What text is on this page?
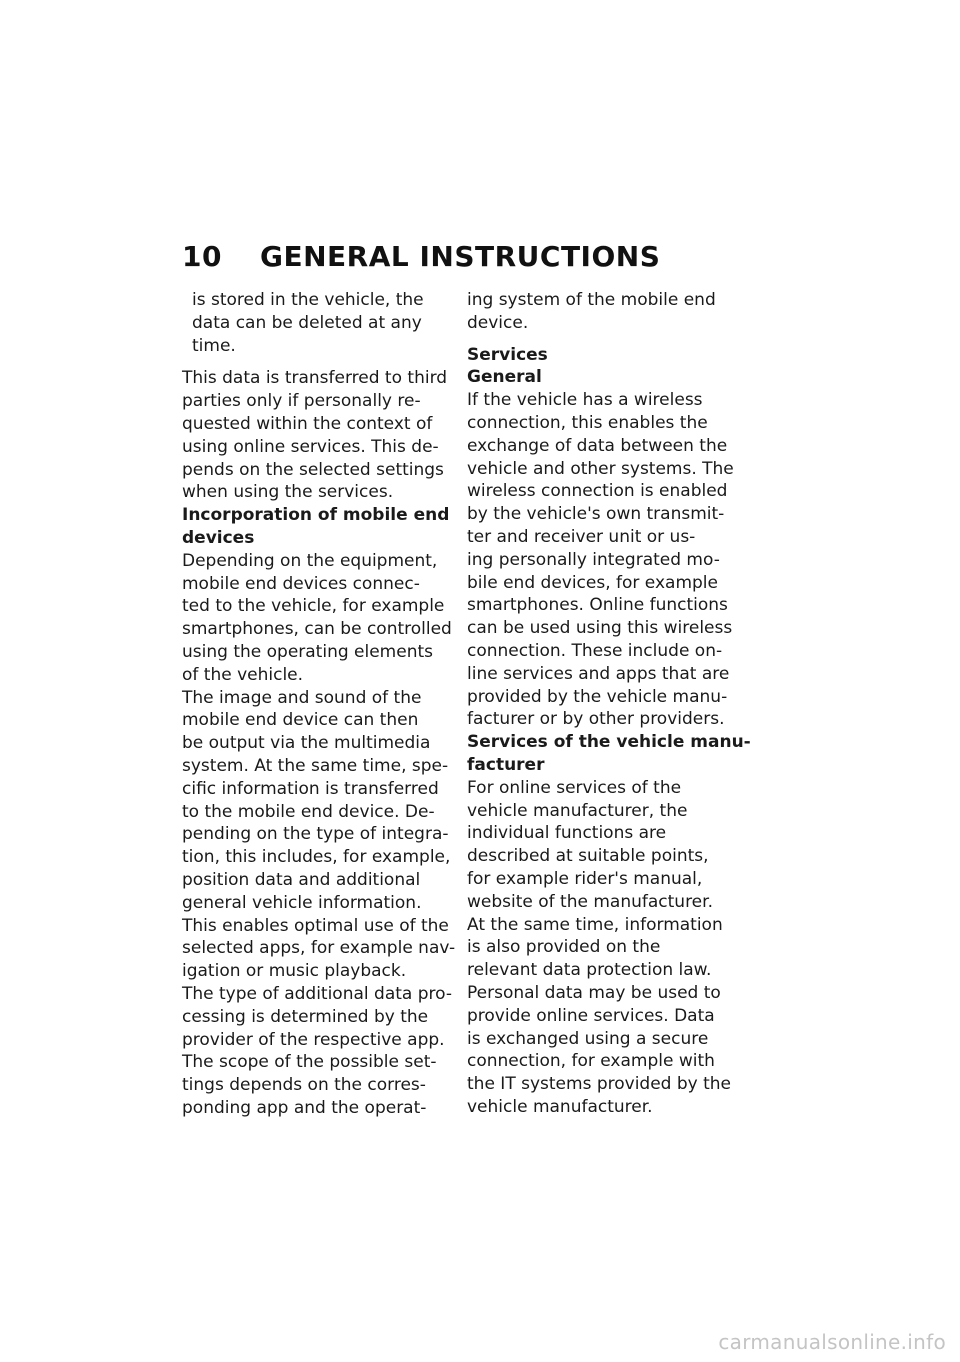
10 GENERAL INSTRUCTIONS
is stored in the vehicle, the
data can be deleted at any
time.
This data is transferred to third
parties only if personally re-
quested within the context of
using online services. This de-
pends on the selected settings
when using the services.
Incorporation of mobile end
devices
Depending on the equipment,
mobile end devices connec-
ted to the vehicle, for example
smartphones, can be controlled
using the operating elements
of the vehicle.
The image and sound of the
mobile end device can then
be output via the multimedia
system. At the same time, spe-
cific information is transferred
to the mobile end device. De-
pending on the type of integra-
tion, this includes, for example,
position data and additional
general vehicle information.
This enables optimal use of the
selected apps, for example nav-
igation or music playback.
The type of additional data pro-
cessing is determined by the
provider of the respective app.
The scope of the possible set-
tings depends on the corres-
ponding app and the operat-
ing system of the mobile end
device.
Services
General
If the vehicle has a wireless
connection, this enables the
exchange of data between the
vehicle and other systems. The
wireless connection is enabled
by the vehicle's own transmit-
ter and receiver unit or us-
ing personally integrated mo-
bile end devices, for example
smartphones. Online functions
can be used using this wireless
connection. These include on-
line services and apps that are
provided by the vehicle manu-
facturer or by other providers.
Services of the vehicle manu-
facturer
For online services of the
vehicle manufacturer, the
individual functions are
described at suitable points,
for example rider's manual,
website of the manufacturer.
At the same time, information
is also provided on the
relevant data protection law.
Personal data may be used to
provide online services. Data
is exchanged using a secure
connection, for example with
the IT systems provided by the
vehicle manufacturer.
carmanualsonline.info
